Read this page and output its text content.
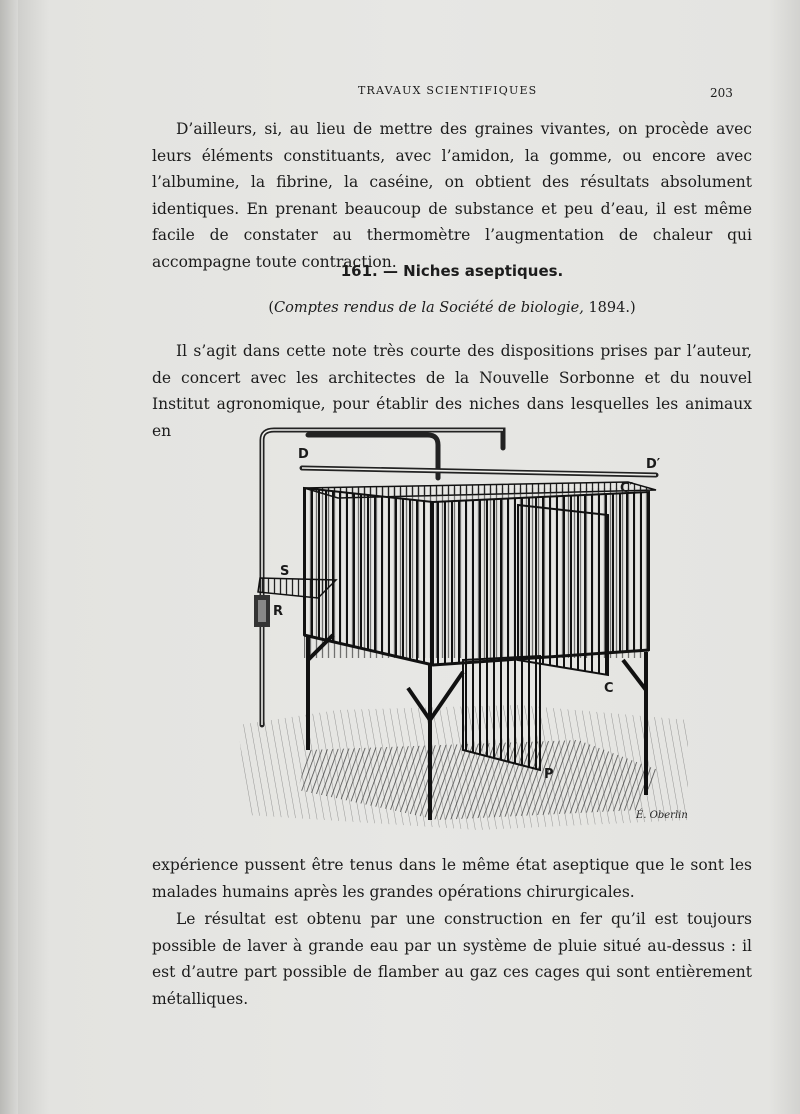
TRAVAUX SCIENTIFIQUES	203

D’ailleurs, si, au lieu de mettre des graines vivantes, on procède avec leurs éléments constituants, avec l’amidon, la gomme, ou encore avec l’albumine, la fibrine, la caséine, on obtient des résultats absolument identiques. En prenant beaucoup de substance et peu d’eau, il est même facile de constater au thermomètre l’augmentation de chaleur qui accompagne toute contraction.

161. — Niches aseptiques.
(Comptes rendus de la Société de biologie, 1894.)

Il s’agit dans cette note très courte des dispositions prises par l’auteur, de concert avec les architectes de la Nouvelle Sorbonne et du nouvel Institut agronomique, pour établir des niches dans lesquelles les animaux en

D
D′
C′
S
R
C
P
É. Oberlin

expérience pussent être tenus dans le même état aseptique que le sont les malades humains après les grandes opérations chirurgicales.

Le résultat est obtenu par une construction en fer qu’il est toujours possible de laver à grande eau par un système de pluie situé au-dessus : il est d’autre part possible de flamber au gaz ces cages qui sont entièrement métalliques.
